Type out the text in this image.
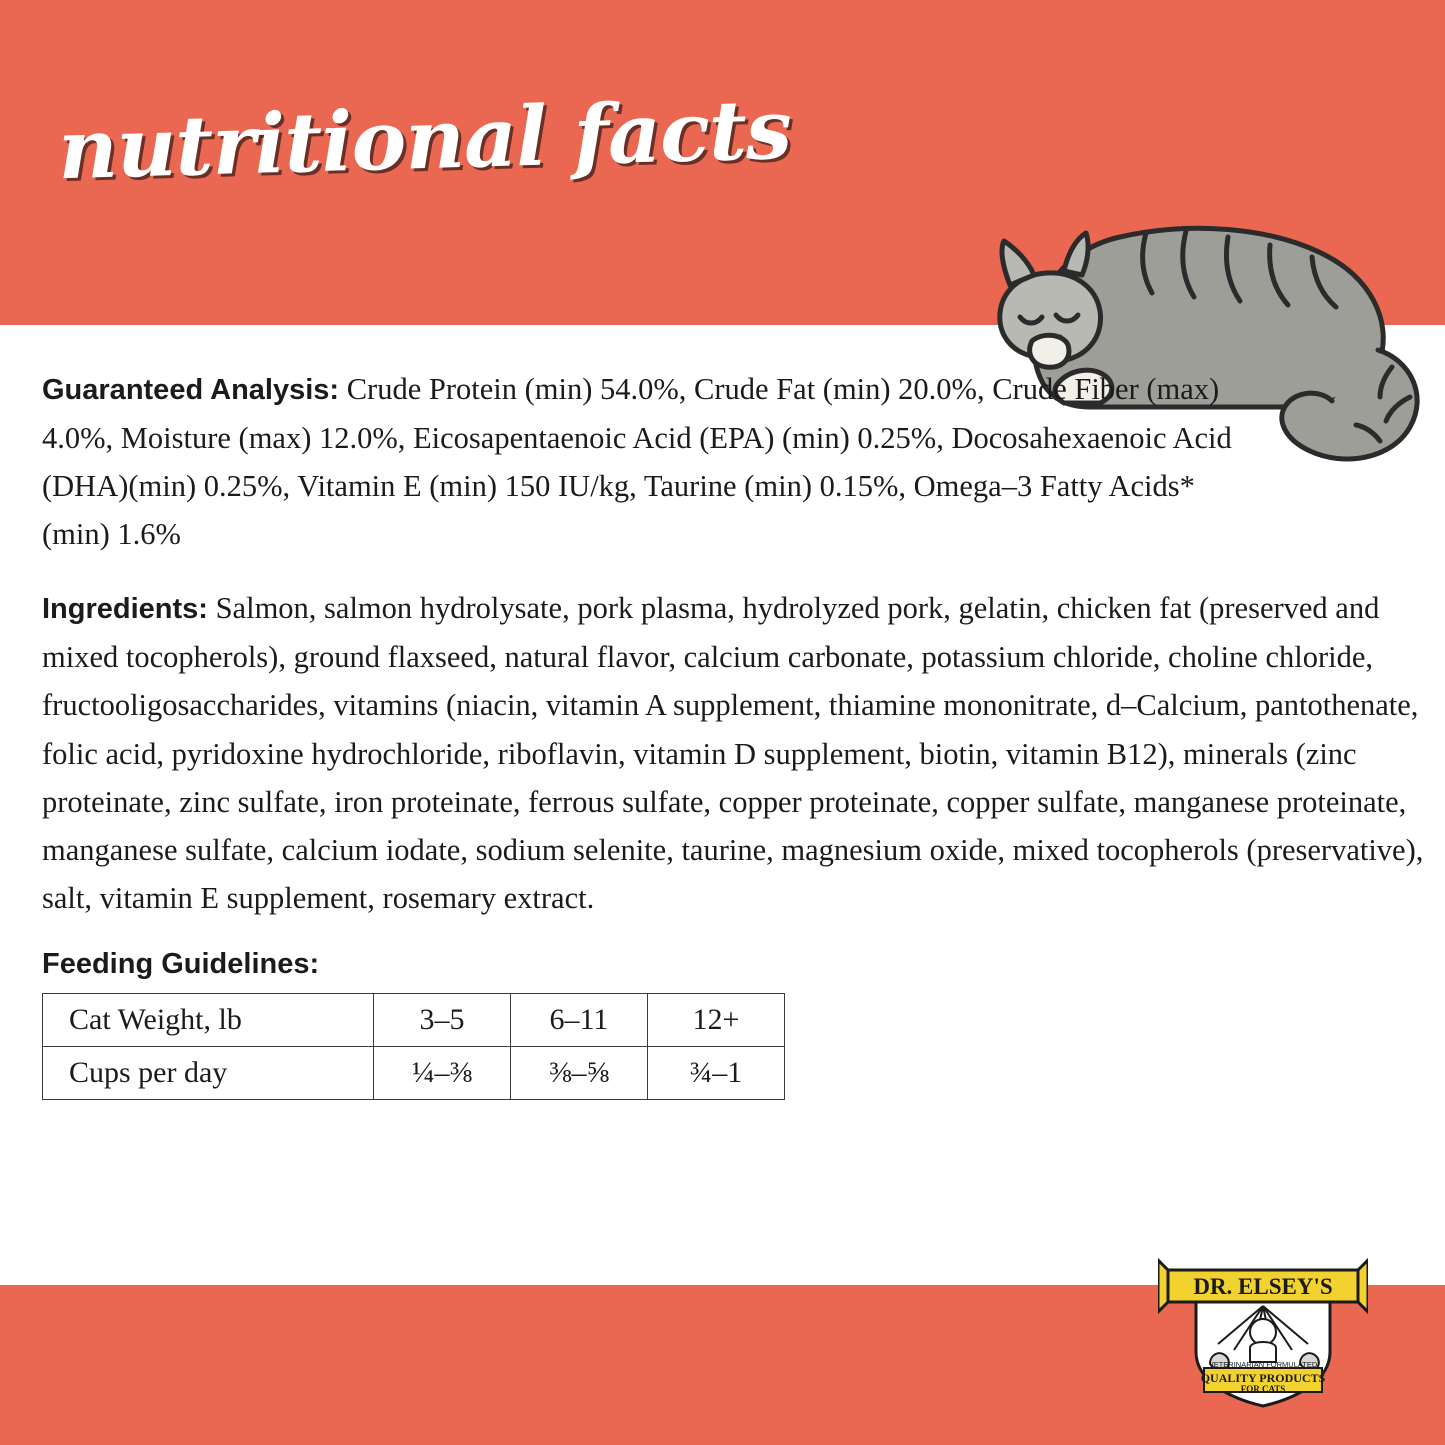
nutritional facts

Guaranteed Analysis: Crude Protein (min) 54.0%, Crude Fat (min) 20.0%, Crude Fiber (max) 4.0%, Moisture (max) 12.0%, Eicosapentaenoic Acid (EPA) (min) 0.25%, Docosahexaenoic Acid (DHA)(min) 0.25%, Vitamin E (min) 150 IU/kg, Taurine (min) 0.15%, Omega–3 Fatty Acids* (min) 1.6%

Ingredients: Salmon, salmon hydrolysate, pork plasma, hydrolyzed pork, gelatin, chicken fat (preserved and mixed tocopherols), ground flaxseed, natural flavor, calcium carbonate, potassium chloride, choline chloride, fructooligosaccharides, vitamins (niacin, vitamin A supplement, thiamine mononitrate, d–Calcium, pantothenate, folic acid, pyridoxine hydrochloride, riboflavin, vitamin D supplement, biotin, vitamin B12), minerals (zinc proteinate, zinc sulfate, iron proteinate, ferrous sulfate, copper proteinate, copper sulfate, manganese proteinate, manganese sulfate, calcium iodate, sodium selenite, taurine, magnesium oxide, mixed tocopherols (preservative), salt, vitamin E supplement, rosemary extract.

Feeding Guidelines:
Cat Weight, lb	3–5	6–11	12+
Cups per day	¼–⅜	⅜–⅝	¾–1
DR. ELSEY'S
VETERINARIAN FORMULATED
QUALITY PRODUCTS
FOR CATS
